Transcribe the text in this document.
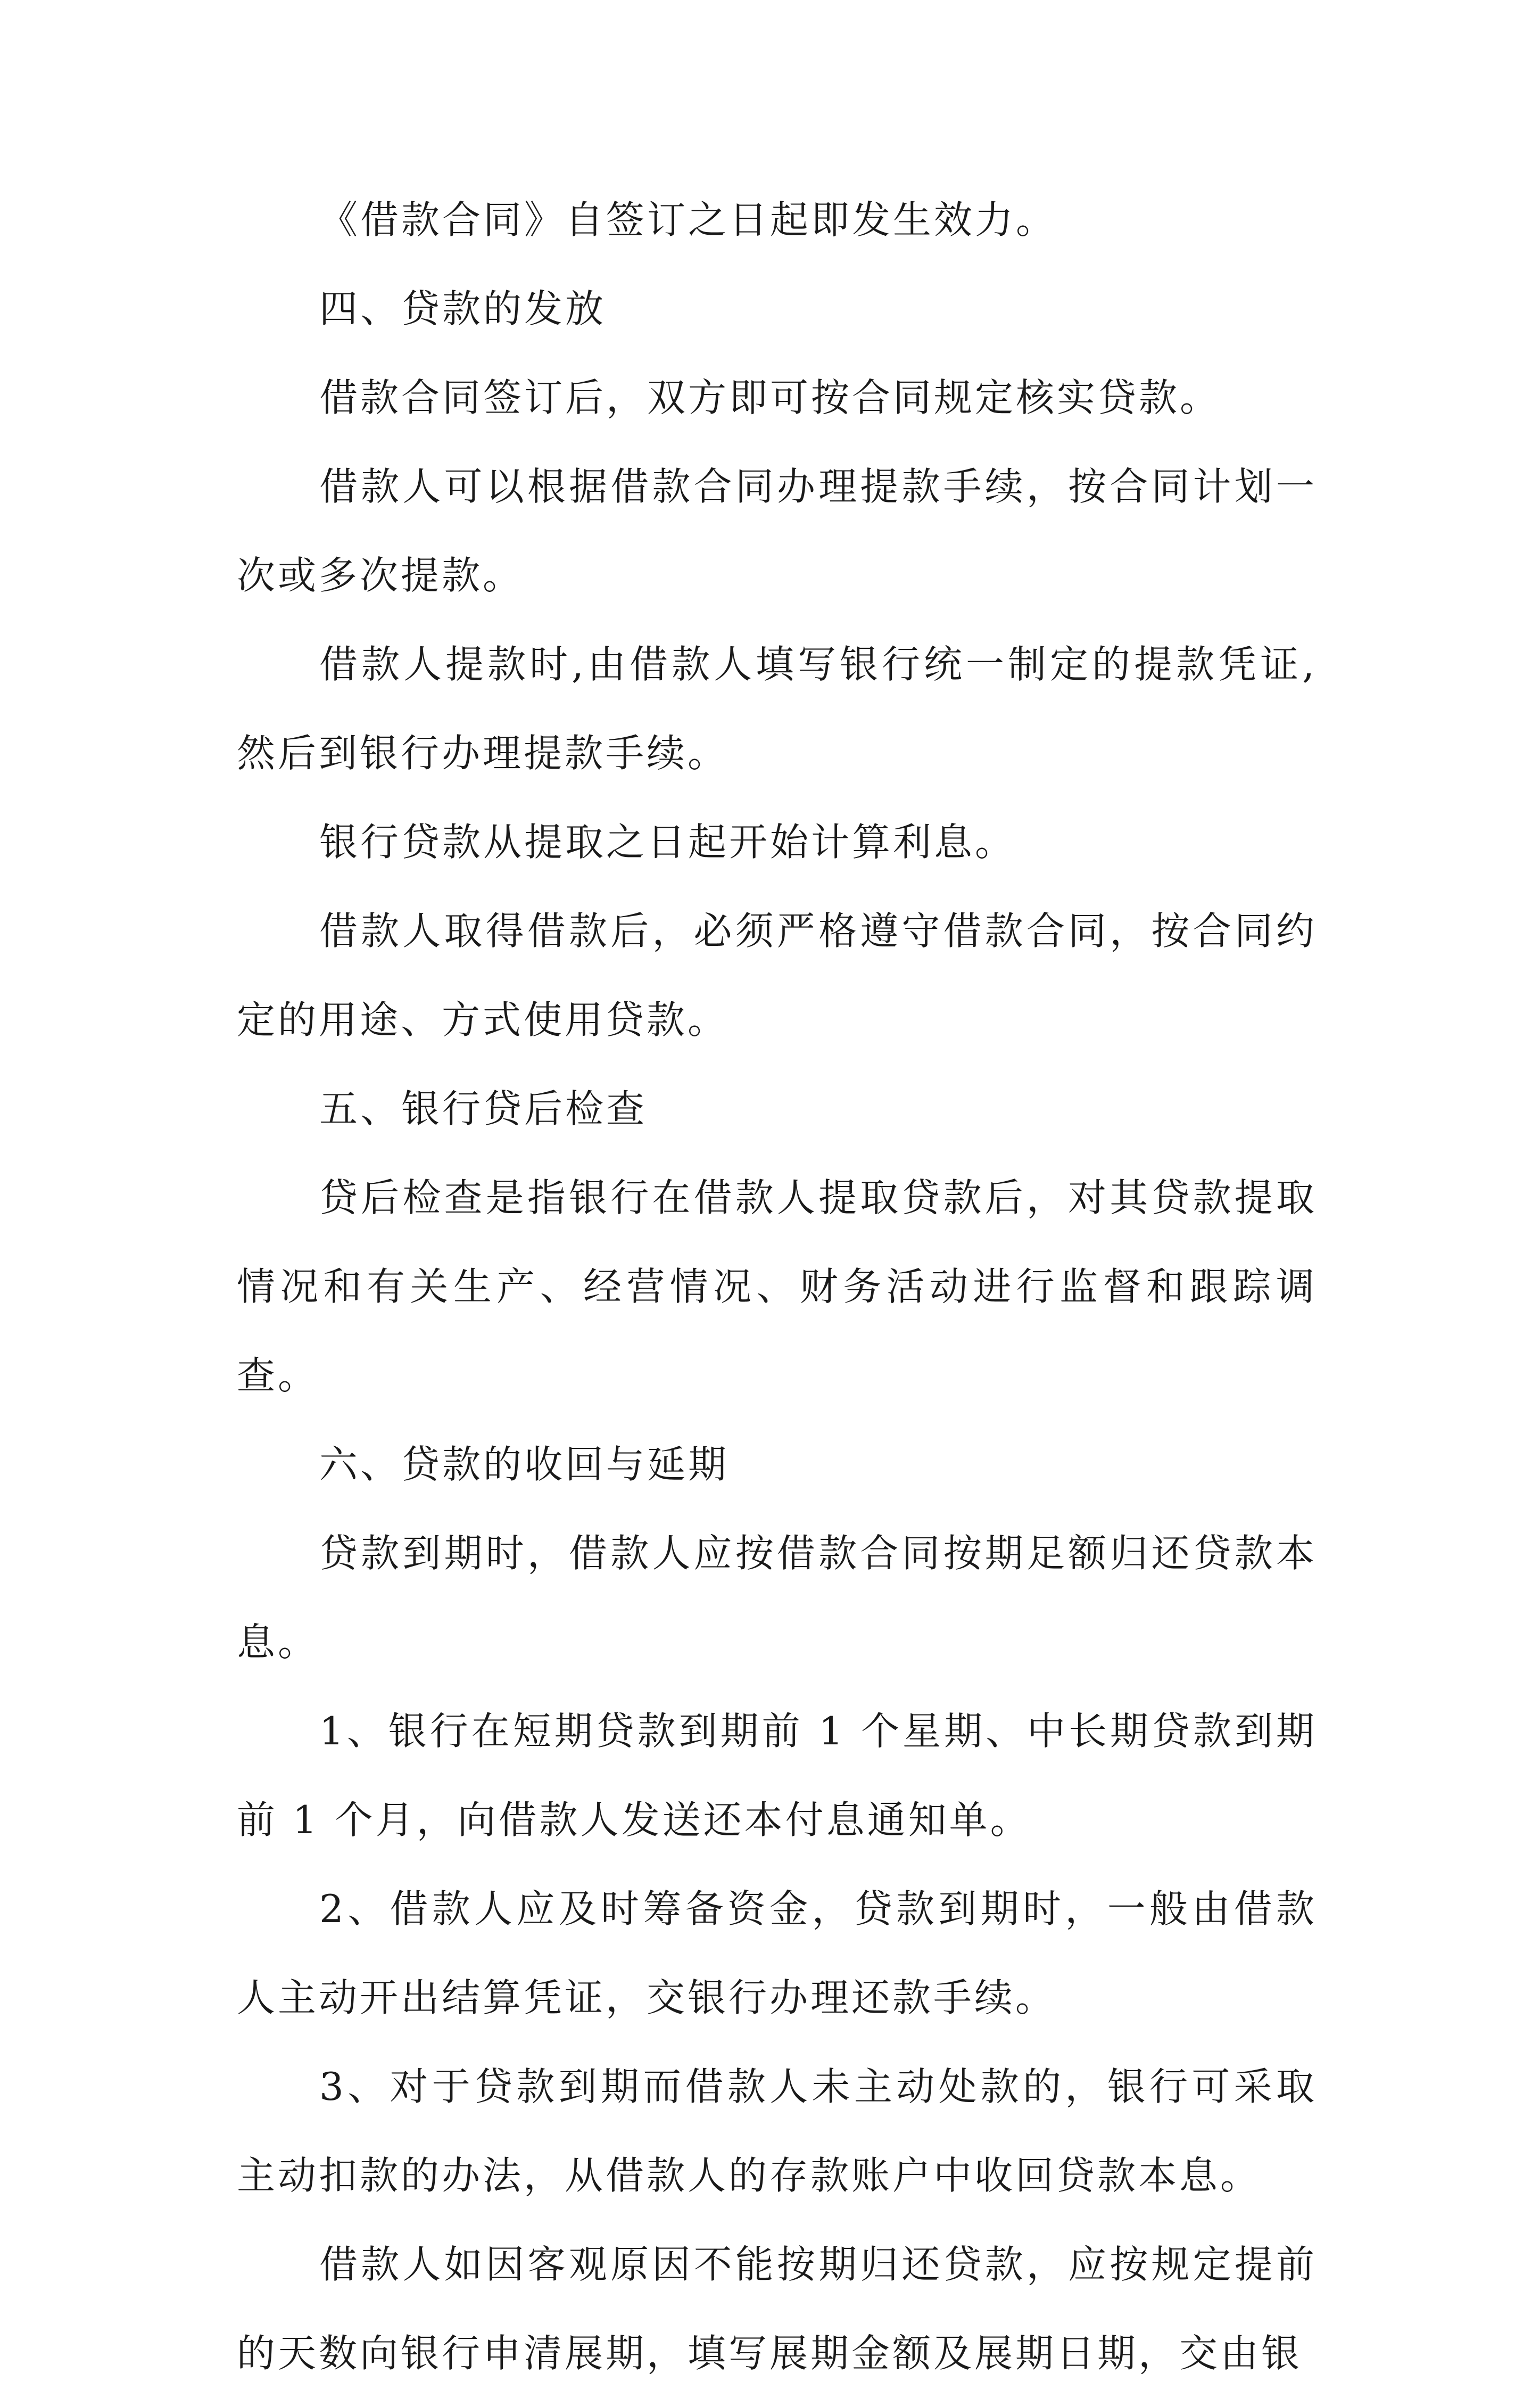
《借款合同》自签订之日起即发生效力。

四、贷款的发放

借款合同签订后，双方即可按合同规定核实贷款。

借款人可以根据借款合同办理提款手续，按合同计划一次或多次提款。

借款人提款时,由借款人填写银行统一制定的提款凭证,然后到银行办理提款手续。

银行贷款从提取之日起开始计算利息。

借款人取得借款后，必须严格遵守借款合同，按合同约定的用途、方式使用贷款。

五、银行贷后检查

贷后检查是指银行在借款人提取贷款后，对其贷款提取情况和有关生产、经营情况、财务活动进行监督和跟踪调查。

六、贷款的收回与延期

贷款到期时，借款人应按借款合同按期足额归还贷款本息。

1、银行在短期贷款到期前 1 个星期、中长期贷款到期前 1 个月，向借款人发送还本付息通知单。

2、借款人应及时筹备资金，贷款到期时，一般由借款人主动开出结算凭证，交银行办理还款手续。

3、对于贷款到期而借款人未主动处款的，银行可采取主动扣款的办法，从借款人的存款账户中收回贷款本息。

借款人如因客观原因不能按期归还贷款，应按规定提前的天数向银行申清展期，填写展期金额及展期日期，交由银
